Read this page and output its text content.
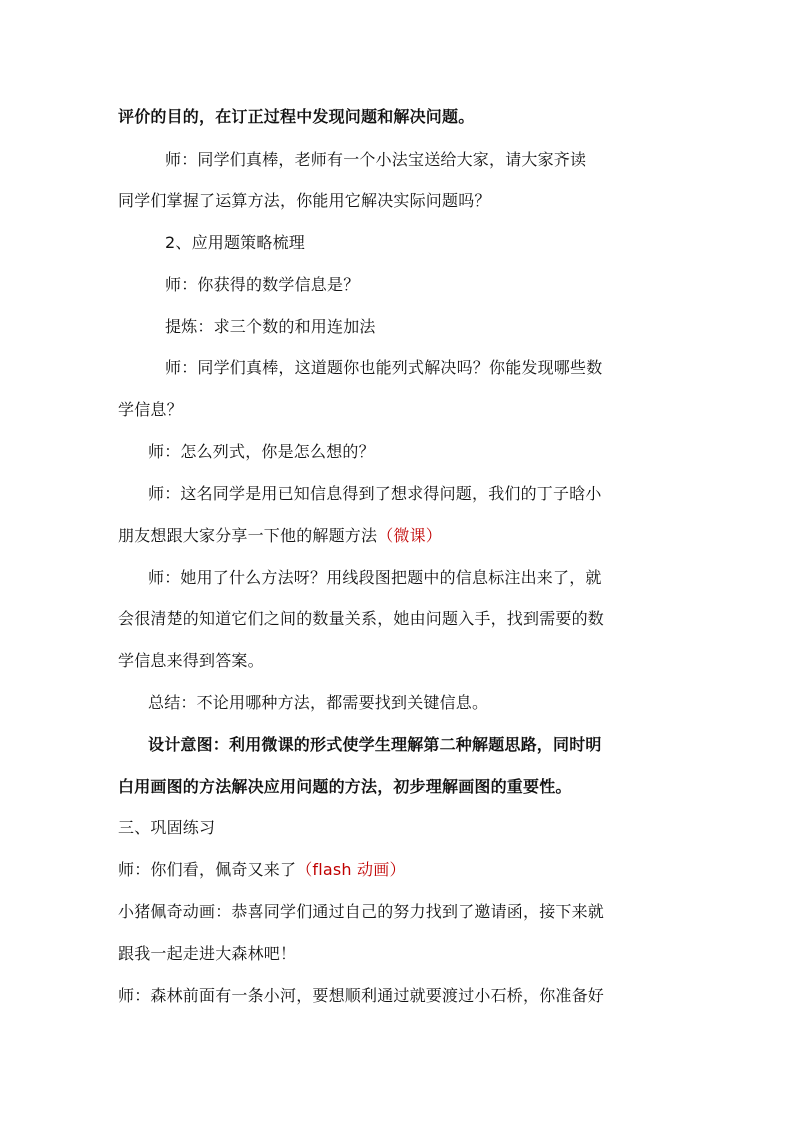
评价的目的，在订正过程中发现问题和解决问题。
师：同学们真棒，老师有一个小法宝送给大家，请大家齐读
同学们掌握了运算方法，你能用它解决实际问题吗？
2、应用题策略梳理
师：你获得的数学信息是？
提炼：求三个数的和用连加法
师：同学们真棒，这道题你也能列式解决吗？你能发现哪些数
学信息？
师：怎么列式，你是怎么想的？
师：这名同学是用已知信息得到了想求得问题，我们的丁子晗小
朋友想跟大家分享一下他的解题方法（微课）
师：她用了什么方法呀？用线段图把题中的信息标注出来了，就
会很清楚的知道它们之间的数量关系，她由问题入手，找到需要的数
学信息来得到答案。
总结：不论用哪种方法，都需要找到关键信息。
设计意图：利用微课的形式使学生理解第二种解题思路，同时明
白用画图的方法解决应用问题的方法，初步理解画图的重要性。
三、巩固练习
师：你们看，佩奇又来了（flash 动画）
小猪佩奇动画：恭喜同学们通过自己的努力找到了邀请函，接下来就
跟我一起走进大森林吧！
师：森林前面有一条小河，要想顺利通过就要渡过小石桥，你准备好
